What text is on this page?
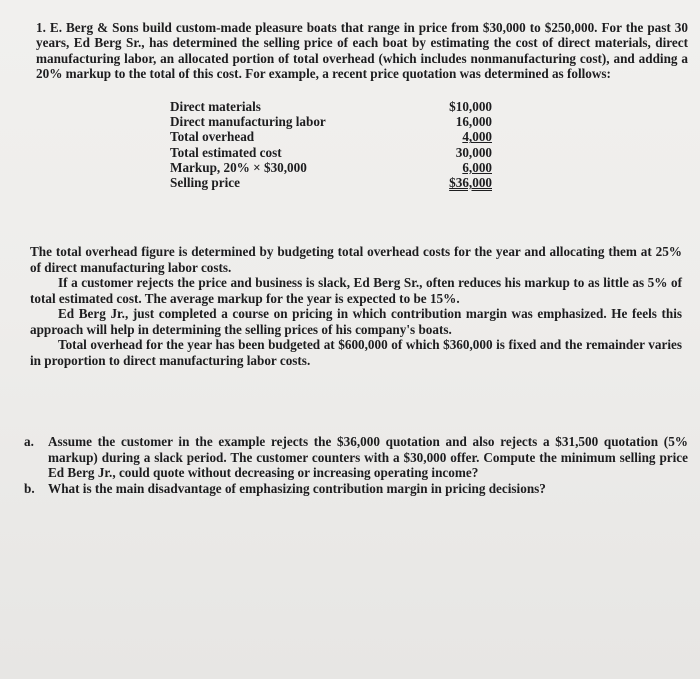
1. E. Berg & Sons build custom-made pleasure boats that range in price from $30,000 to $250,000. For the past 30 years, Ed Berg Sr., has determined the selling price of each boat by estimating the cost of direct materials, direct manufacturing labor, an allocated portion of total overhead (which includes nonmanufacturing cost), and adding a 20% markup to the total of this cost. For example, a recent price quotation was determined as follows:

Direct materials	$10,000
Direct manufacturing labor	16,000
Total overhead	4,000
Total estimated cost	30,000
Markup, 20% × $30,000	6,000
Selling price	$36,000

The total overhead figure is determined by budgeting total overhead costs for the year and allocating them at 25% of direct manufacturing labor costs.

If a customer rejects the price and business is slack, Ed Berg Sr., often reduces his markup to as little as 5% of total estimated cost. The average markup for the year is expected to be 15%.

Ed Berg Jr., just completed a course on pricing in which contribution margin was emphasized. He feels this approach will help in determining the selling prices of his company's boats.

Total overhead for the year has been budgeted at $600,000 of which $360,000 is fixed and the remainder varies in proportion to direct manufacturing labor costs.

a.	Assume the customer in the example rejects the $36,000 quotation and also rejects a $31,500 quotation (5% markup) during a slack period. The customer counters with a $30,000 offer. Compute the minimum selling price Ed Berg Jr., could quote without decreasing or increasing operating income?
b.	What is the main disadvantage of emphasizing contribution margin in pricing decisions?
